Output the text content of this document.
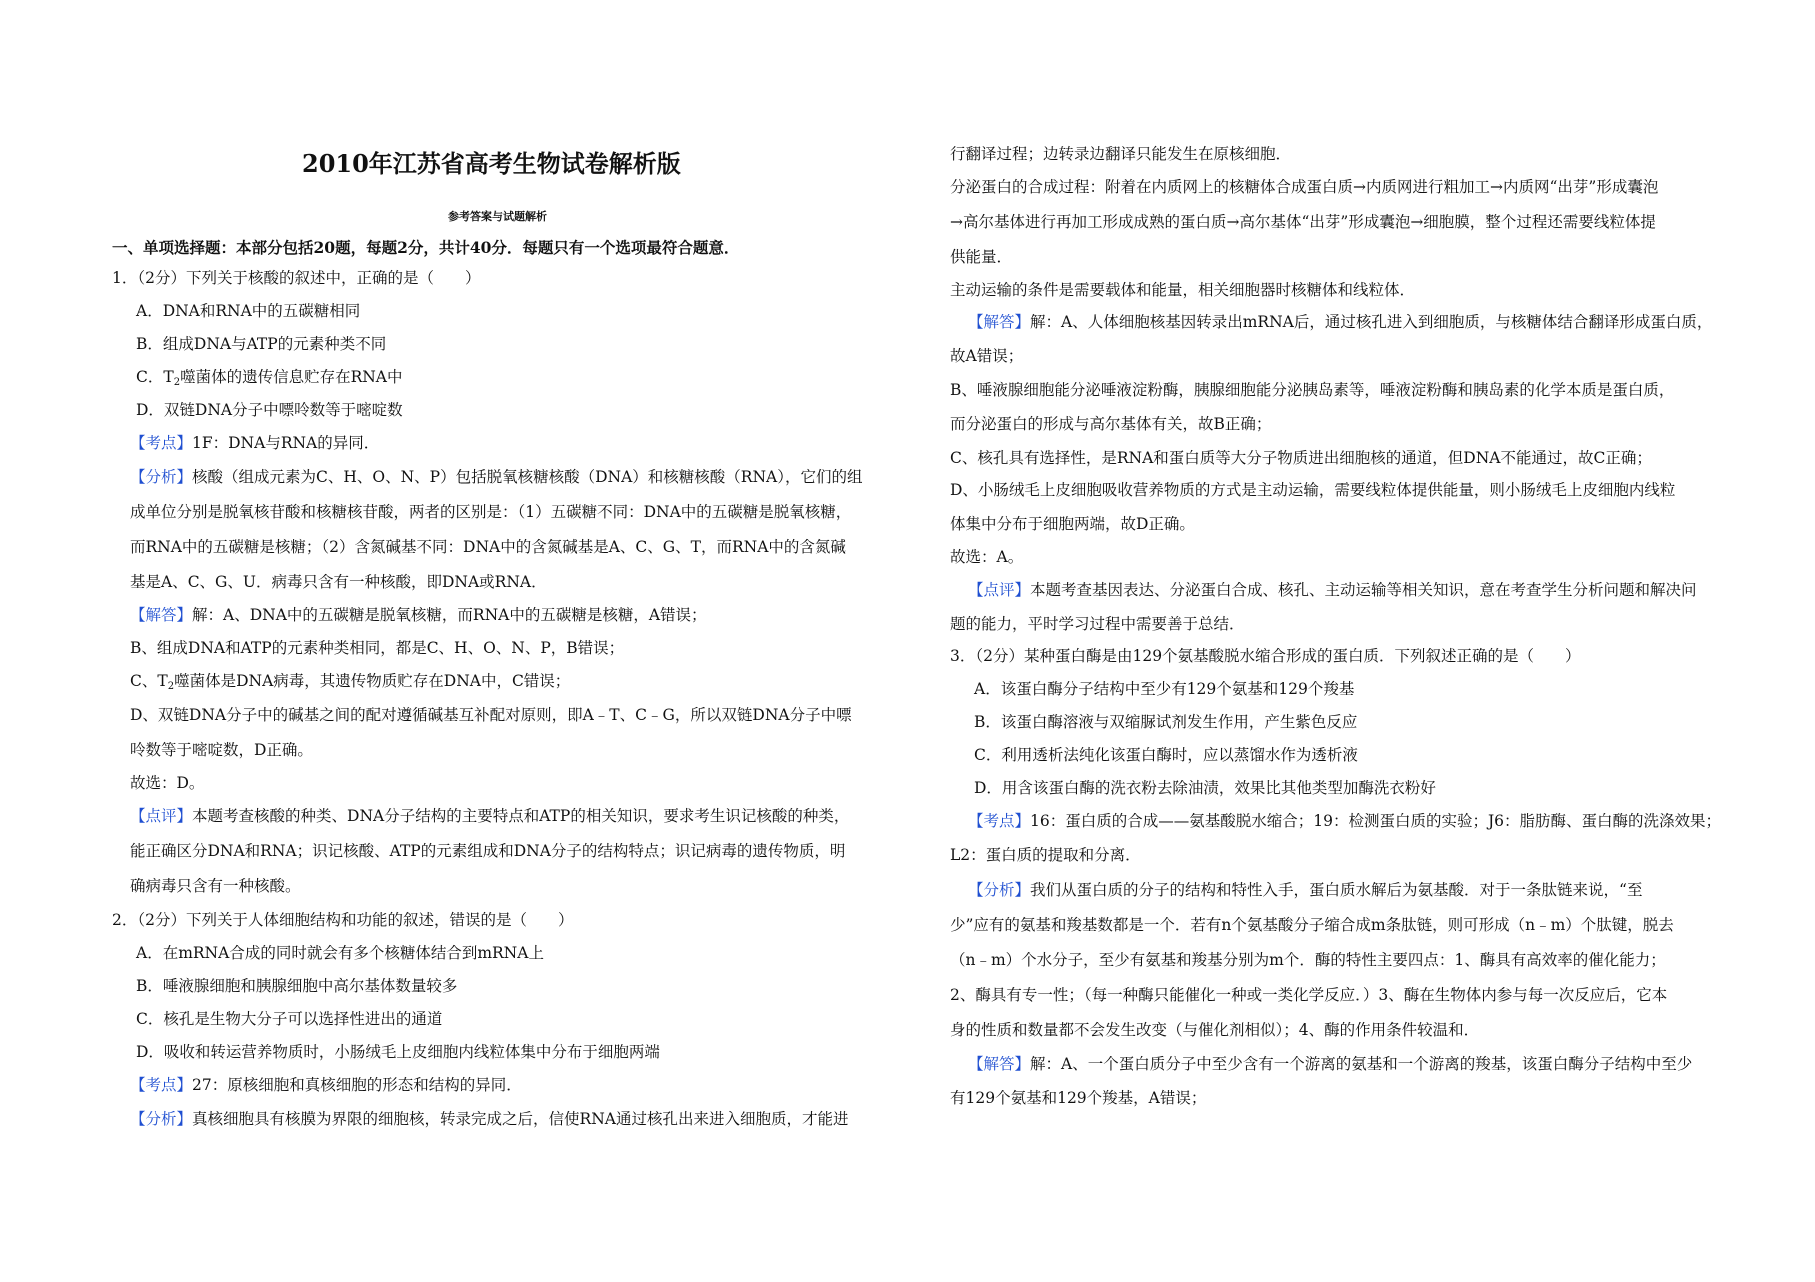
2010年江苏省高考生物试卷解析版
参考答案与试题解析
一、单项选择题：本部分包括20题，每题2分，共计40分．每题只有一个选项最符合题意．
1．（2分）下列关于核酸的叙述中，正确的是（　　）
A．DNA和RNA中的五碳糖相同
B．组成DNA与ATP的元素种类不同
C．$T_2$噬菌体的遗传信息贮存在RNA中
D．双链DNA分子中嘌呤数等于嘧啶数
【考点】1F：DNA与RNA的异同．
【分析】核酸（组成元素为C、H、O、N、P）包括脱氧核糖核酸（DNA）和核糖核酸（RNA），它们的组
成单位分别是脱氧核苷酸和核糖核苷酸，两者的区别是：（1）五碳糖不同：DNA中的五碳糖是脱氧核糖，
而RNA中的五碳糖是核糖；（2）含氮碱基不同：DNA中的含氮碱基是A、C、G、T，而RNA中的含氮碱
基是A、C、G、U．病毒只含有一种核酸，即DNA或RNA．
【解答】解：A、DNA中的五碳糖是脱氧核糖，而RNA中的五碳糖是核糖，A错误；
B、组成DNA和ATP的元素种类相同，都是C、H、O、N、P，B错误；
C、$T_2$噬菌体是DNA病毒，其遗传物质贮存在DNA中，C错误；
D、双链DNA分子中的碱基之间的配对遵循碱基互补配对原则，即A﹣T、C﹣G，所以双链DNA分子中嘌
呤数等于嘧啶数，D正确。
故选：D。
【点评】本题考查核酸的种类、DNA分子结构的主要特点和ATP的相关知识，要求考生识记核酸的种类，
能正确区分DNA和RNA；识记核酸、ATP的元素组成和DNA分子的结构特点；识记病毒的遗传物质，明
确病毒只含有一种核酸。
2．（2分）下列关于人体细胞结构和功能的叙述，错误的是（　　）
A．在mRNA合成的同时就会有多个核糖体结合到mRNA上
B．唾液腺细胞和胰腺细胞中高尔基体数量较多
C．核孔是生物大分子可以选择性进出的通道
D．吸收和转运营养物质时，小肠绒毛上皮细胞内线粒体集中分布于细胞两端
【考点】27：原核细胞和真核细胞的形态和结构的异同．
【分析】真核细胞具有核膜为界限的细胞核，转录完成之后，信使RNA通过核孔出来进入细胞质，才能进
行翻译过程；边转录边翻译只能发生在原核细胞．
分泌蛋白的合成过程：附着在内质网上的核糖体合成蛋白质→内质网进行粗加工→内质网“出芽”形成囊泡
→高尔基体进行再加工形成成熟的蛋白质→高尔基体“出芽”形成囊泡→细胞膜，整个过程还需要线粒体提
供能量．
主动运输的条件是需要载体和能量，相关细胞器时核糖体和线粒体．
【解答】解：A、人体细胞核基因转录出mRNA后，通过核孔进入到细胞质，与核糖体结合翻译形成蛋白质，
故A错误；
B、唾液腺细胞能分泌唾液淀粉酶，胰腺细胞能分泌胰岛素等，唾液淀粉酶和胰岛素的化学本质是蛋白质，
而分泌蛋白的形成与高尔基体有关，故B正确；
C、核孔具有选择性，是RNA和蛋白质等大分子物质进出细胞核的通道，但DNA不能通过，故C正确；
D、小肠绒毛上皮细胞吸收营养物质的方式是主动运输，需要线粒体提供能量，则小肠绒毛上皮细胞内线粒
体集中分布于细胞两端，故D正确。
故选：A。
【点评】本题考查基因表达、分泌蛋白合成、核孔、主动运输等相关知识，意在考查学生分析问题和解决问
题的能力，平时学习过程中需要善于总结．
3．（2分）某种蛋白酶是由129个氨基酸脱水缩合形成的蛋白质．下列叙述正确的是（　　）
A．该蛋白酶分子结构中至少有129个氨基和129个羧基
B．该蛋白酶溶液与双缩脲试剂发生作用，产生紫色反应
C．利用透析法纯化该蛋白酶时，应以蒸馏水作为透析液
D．用含该蛋白酶的洗衣粉去除油渍，效果比其他类型加酶洗衣粉好
【考点】16：蛋白质的合成——氨基酸脱水缩合；19：检测蛋白质的实验；J6：脂肪酶、蛋白酶的洗涤效果；
L2：蛋白质的提取和分离．
【分析】我们从蛋白质的分子的结构和特性入手，蛋白质水解后为氨基酸．对于一条肽链来说，“至
少”应有的氨基和羧基数都是一个．若有n个氨基酸分子缩合成m条肽链，则可形成（n﹣m）个肽键，脱去
（n﹣m）个水分子，至少有氨基和羧基分别为m个．酶的特性主要四点：1、酶具有高效率的催化能力；
2、酶具有专一性；（每一种酶只能催化一种或一类化学反应．）3、酶在生物体内参与每一次反应后，它本
身的性质和数量都不会发生改变（与催化剂相似）；4、酶的作用条件较温和．
【解答】解：A、一个蛋白质分子中至少含有一个游离的氨基和一个游离的羧基，该蛋白酶分子结构中至少
有129个氨基和129个羧基，A错误；
